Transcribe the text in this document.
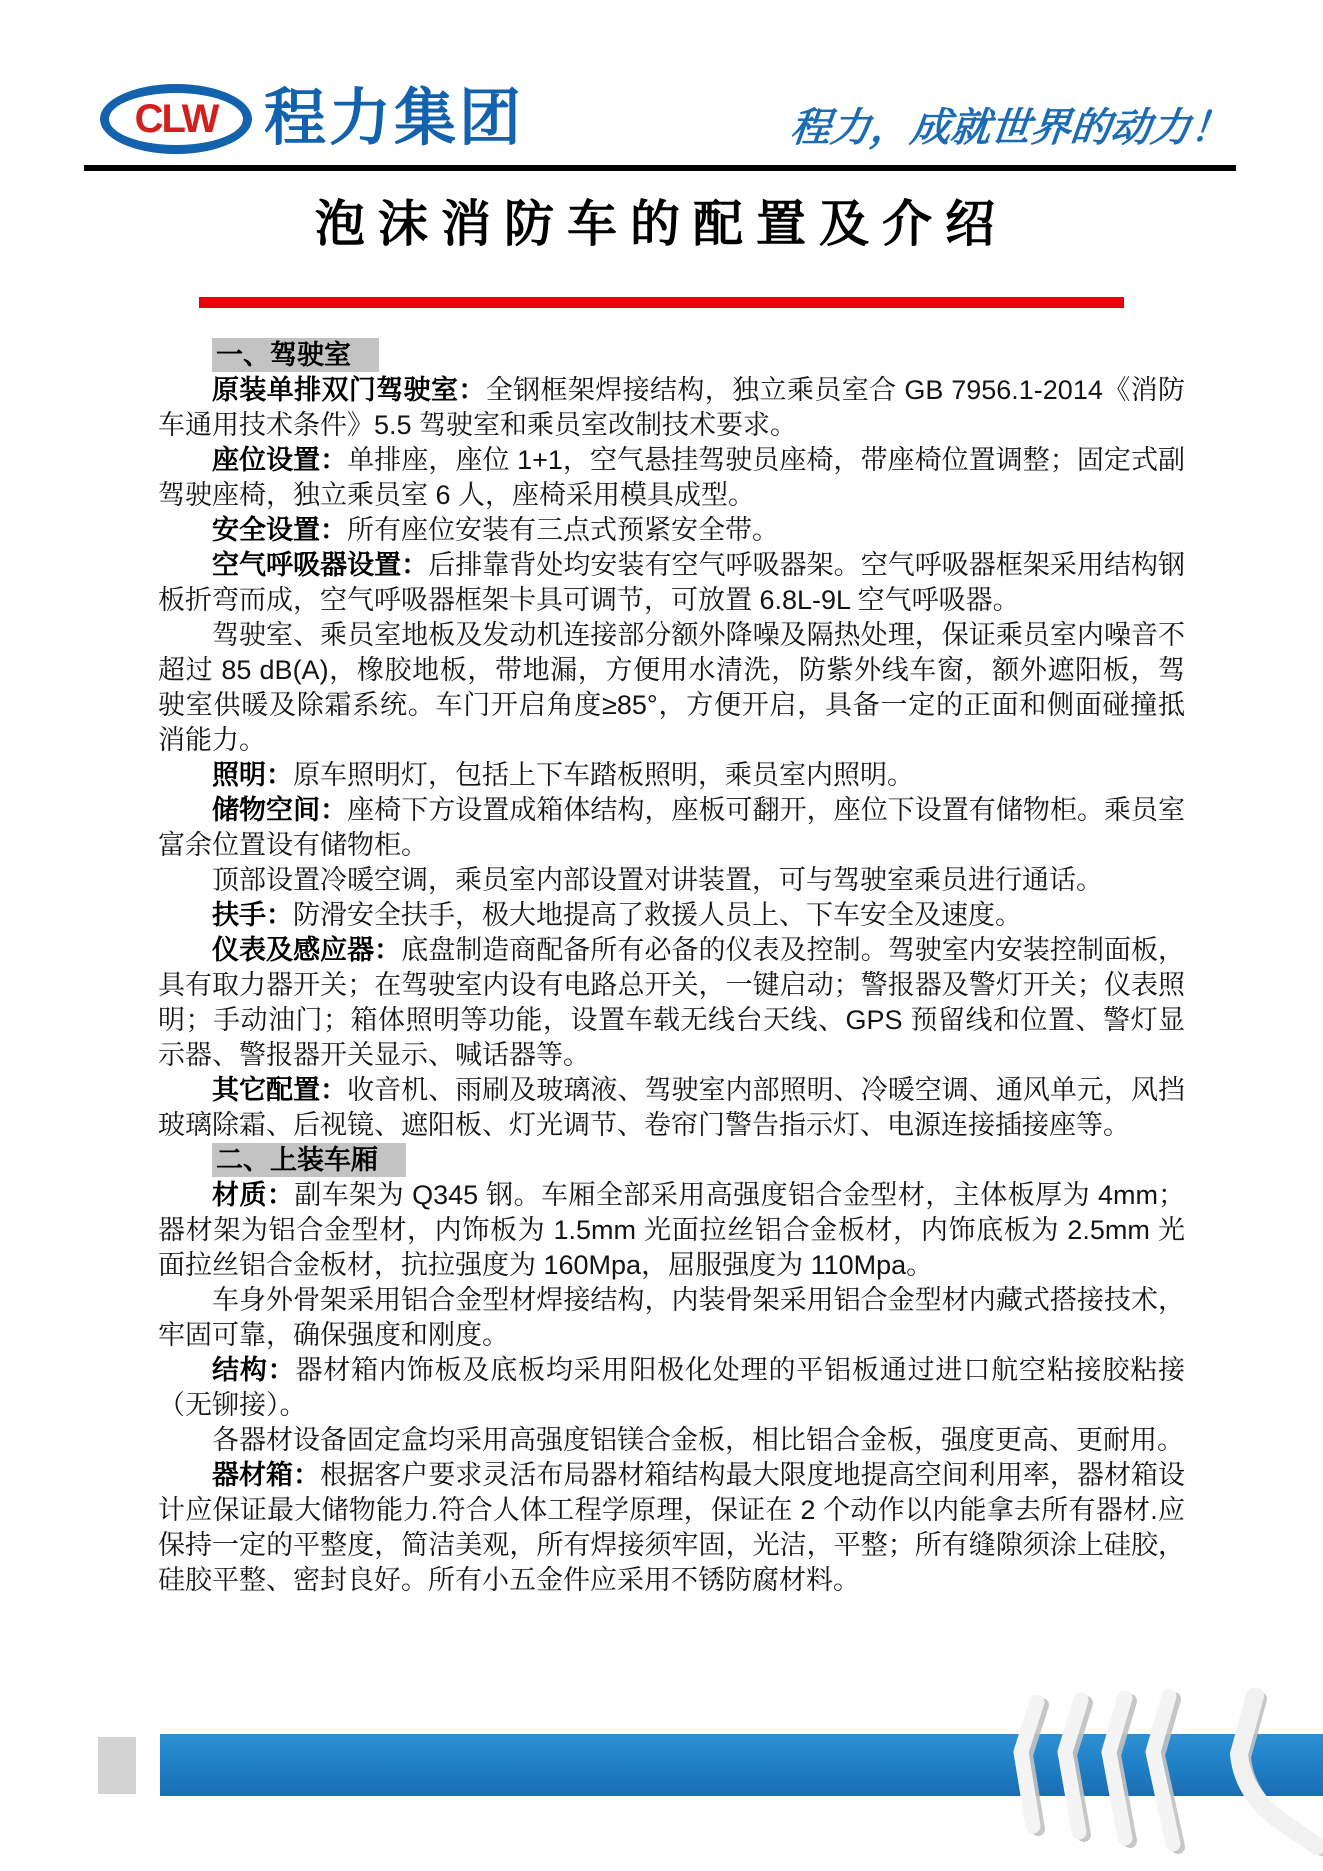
CLW 程力集团	程力，成就世界的动力！
泡沫消防车的配置及介绍

一、驾驶室

原装单排双门驾驶室：全钢框架焊接结构，独立乘员室合 GB 7956.1-2014《消防车通用技术条件》5.5 驾驶室和乘员室改制技术要求。

座位设置：单排座，座位 1+1，空气悬挂驾驶员座椅，带座椅位置调整；固定式副驾驶座椅，独立乘员室 6 人，座椅采用模具成型。

安全设置：所有座位安装有三点式预紧安全带。

空气呼吸器设置：后排靠背处均安装有空气呼吸器架。空气呼吸器框架采用结构钢板折弯而成，空气呼吸器框架卡具可调节，可放置 6.8L-9L 空气呼吸器。

驾驶室、乘员室地板及发动机连接部分额外降噪及隔热处理，保证乘员室内噪音不超过 85 dB(A)，橡胶地板，带地漏，方便用水清洗，防紫外线车窗，额外遮阳板，驾驶室供暖及除霜系统。车门开启角度≥85°，方便开启，具备一定的正面和侧面碰撞抵消能力。

照明：原车照明灯，包括上下车踏板照明，乘员室内照明。

储物空间：座椅下方设置成箱体结构，座板可翻开，座位下设置有储物柜。乘员室富余位置设有储物柜。

顶部设置冷暖空调，乘员室内部设置对讲装置，可与驾驶室乘员进行通话。

扶手：防滑安全扶手，极大地提高了救援人员上、下车安全及速度。

仪表及感应器：底盘制造商配备所有必备的仪表及控制。驾驶室内安装控制面板，具有取力器开关；在驾驶室内设有电路总开关，一键启动；警报器及警灯开关；仪表照明；手动油门；箱体照明等功能，设置车载无线台天线、GPS 预留线和位置、警灯显示器、警报器开关显示、喊话器等。

其它配置：收音机、雨刷及玻璃液、驾驶室内部照明、冷暖空调、通风单元，风挡玻璃除霜、后视镜、遮阳板、灯光调节、卷帘门警告指示灯、电源连接插接座等。

二、上装车厢

材质：副车架为 Q345 钢。车厢全部采用高强度铝合金型材，主体板厚为 4mm；器材架为铝合金型材，内饰板为 1.5mm 光面拉丝铝合金板材，内饰底板为 2.5mm 光面拉丝铝合金板材，抗拉强度为 160Mpa，屈服强度为 110Mpa。

车身外骨架采用铝合金型材焊接结构，内装骨架采用铝合金型材内藏式搭接技术，牢固可靠，确保强度和刚度。

结构：器材箱内饰板及底板均采用阳极化处理的平铝板通过进口航空粘接胶粘接（无铆接）。

各器材设备固定盒均采用高强度铝镁合金板，相比铝合金板，强度更高、更耐用。

器材箱：根据客户要求灵活布局器材箱结构最大限度地提高空间利用率，器材箱设计应保证最大储物能力.符合人体工程学原理，保证在 2 个动作以内能拿去所有器材.应保持一定的平整度，简洁美观，所有焊接须牢固，光洁，平整；所有缝隙须涂上硅胶，硅胶平整、密封良好。所有小五金件应采用不锈防腐材料。
